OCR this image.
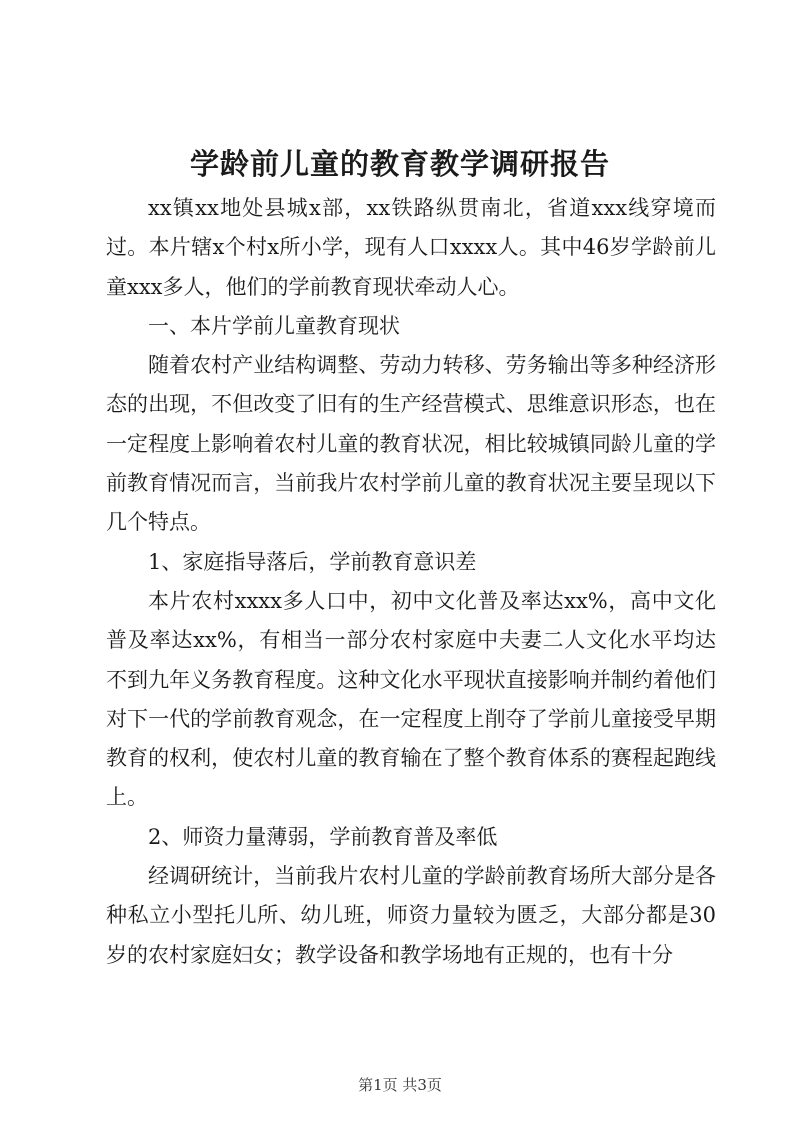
学龄前儿童的教育教学调研报告

xx镇xx地处县城x部，xx铁路纵贯南北，省道xxx线穿境而过。本片辖x个村x所小学，现有人口xxxx人。其中46岁学龄前儿童xxx多人，他们的学前教育现状牵动人心。

一、本片学前儿童教育现状

随着农村产业结构调整、劳动力转移、劳务输出等多种经济形态的出现，不但改变了旧有的生产经营模式、思维意识形态，也在一定程度上影响着农村儿童的教育状况，相比较城镇同龄儿童的学前教育情况而言，当前我片农村学前儿童的教育状况主要呈现以下几个特点。

1、家庭指导落后，学前教育意识差

本片农村xxxx多人口中，初中文化普及率达xx%，高中文化普及率达xx%，有相当一部分农村家庭中夫妻二人文化水平均达不到九年义务教育程度。这种文化水平现状直接影响并制约着他们对下一代的学前教育观念，在一定程度上削夺了学前儿童接受早期教育的权利，使农村儿童的教育输在了整个教育体系的赛程起跑线上。

2、师资力量薄弱，学前教育普及率低

经调研统计，当前我片农村儿童的学龄前教育场所大部分是各种私立小型托儿所、幼儿班，师资力量较为匮乏，大部分都是30岁的农村家庭妇女；教学设备和教学场地有正规的，也有十分

第1页 共3页
